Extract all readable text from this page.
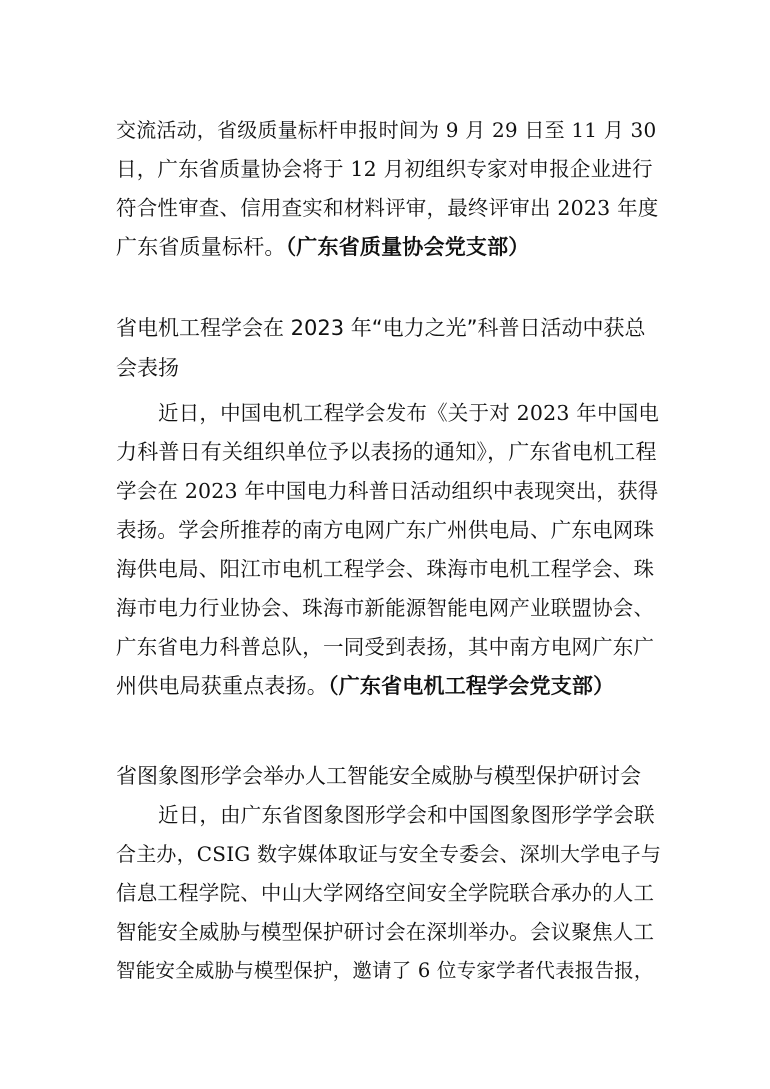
交流活动，省级质量标杆申报时间为 9 月 29 日至 11 月 30
日，广东省质量协会将于 12 月初组织专家对申报企业进行
符合性审查、信用查实和材料评审，最终评审出 2023 年度
广东省质量标杆。（广东省质量协会党支部）
省电机工程学会在 2023 年“电力之光”科普日活动中获总
会表扬
近日，中国电机工程学会发布《关于对 2023 年中国电
力科普日有关组织单位予以表扬的通知》，广东省电机工程
学会在 2023 年中国电力科普日活动组织中表现突出，获得
表扬。学会所推荐的南方电网广东广州供电局、广东电网珠
海供电局、阳江市电机工程学会、珠海市电机工程学会、珠
海市电力行业协会、珠海市新能源智能电网产业联盟协会、
广东省电力科普总队，一同受到表扬，其中南方电网广东广
州供电局获重点表扬。（广东省电机工程学会党支部）
省图象图形学会举办人工智能安全威胁与模型保护研讨会
近日，由广东省图象图形学会和中国图象图形学学会联
合主办，CSIG 数字媒体取证与安全专委会、深圳大学电子与
信息工程学院、中山大学网络空间安全学院联合承办的人工
智能安全威胁与模型保护研讨会在深圳举办。会议聚焦人工
智能安全威胁与模型保护，邀请了 6 位专家学者代表报告报，
